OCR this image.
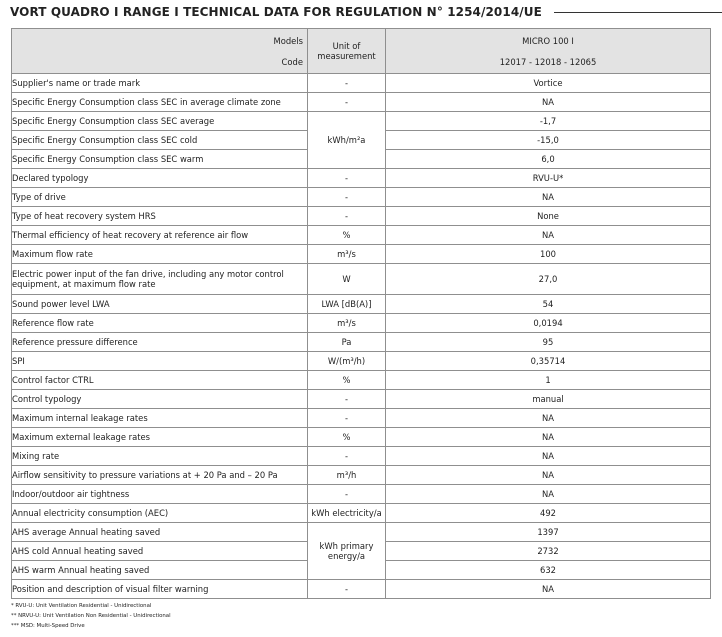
VORT QUADRO I RANGE I TECHNICAL DATA FOR REGULATION N° 1254/2014/UE
Models
Code	Unit of measurement	MICRO 100 I
12017 - 12018 - 12065

Supplier's name or trade mark	-	Vortice
Specific Energy Consumption class SEC in average climate zone	-	NA
Specific Energy Consumption class SEC average	kWh/m²a	-1,7
Specific Energy Consumption class SEC cold		-15,0
Specific Energy Consumption class SEC warm		6,0
Declared typology	-	RVU-U*
Type of drive	-	NA
Type of heat recovery system HRS	-	None
Thermal efficiency of heat recovery at reference air flow	%	NA
Maximum flow rate	m³/s	100
Electric power input of the fan drive, including any motor control equipment, at maximum flow rate	W	27,0
Sound power level LWA	LWA [dB(A)]	54
Reference flow rate	m³/s	0,0194
Reference pressure difference	Pa	95
SPI	W/(m³/h)	0,35714
Control factor CTRL	%	1
Control typology	-	manual
Maximum internal leakage rates	-	NA
Maximum external leakage rates	%	NA
Mixing rate	-	NA
Airflow sensitivity to pressure variations at + 20 Pa and – 20 Pa	m³/h	NA
Indoor/outdoor air tightness	-	NA
Annual electricity consumption (AEC)	kWh electricity/a	492
AHS average Annual heating saved	kWh primary energy/a	1397
AHS cold Annual heating saved		2732
AHS warm Annual heating saved		632
Position and description of visual filter warning	-	NA
* RVU-U: Unit Ventilation Residential - Unidirectional
** NRVU-U: Unit Ventilation Non Residential - Unidirectional
*** MSD: Multi-Speed Drive
